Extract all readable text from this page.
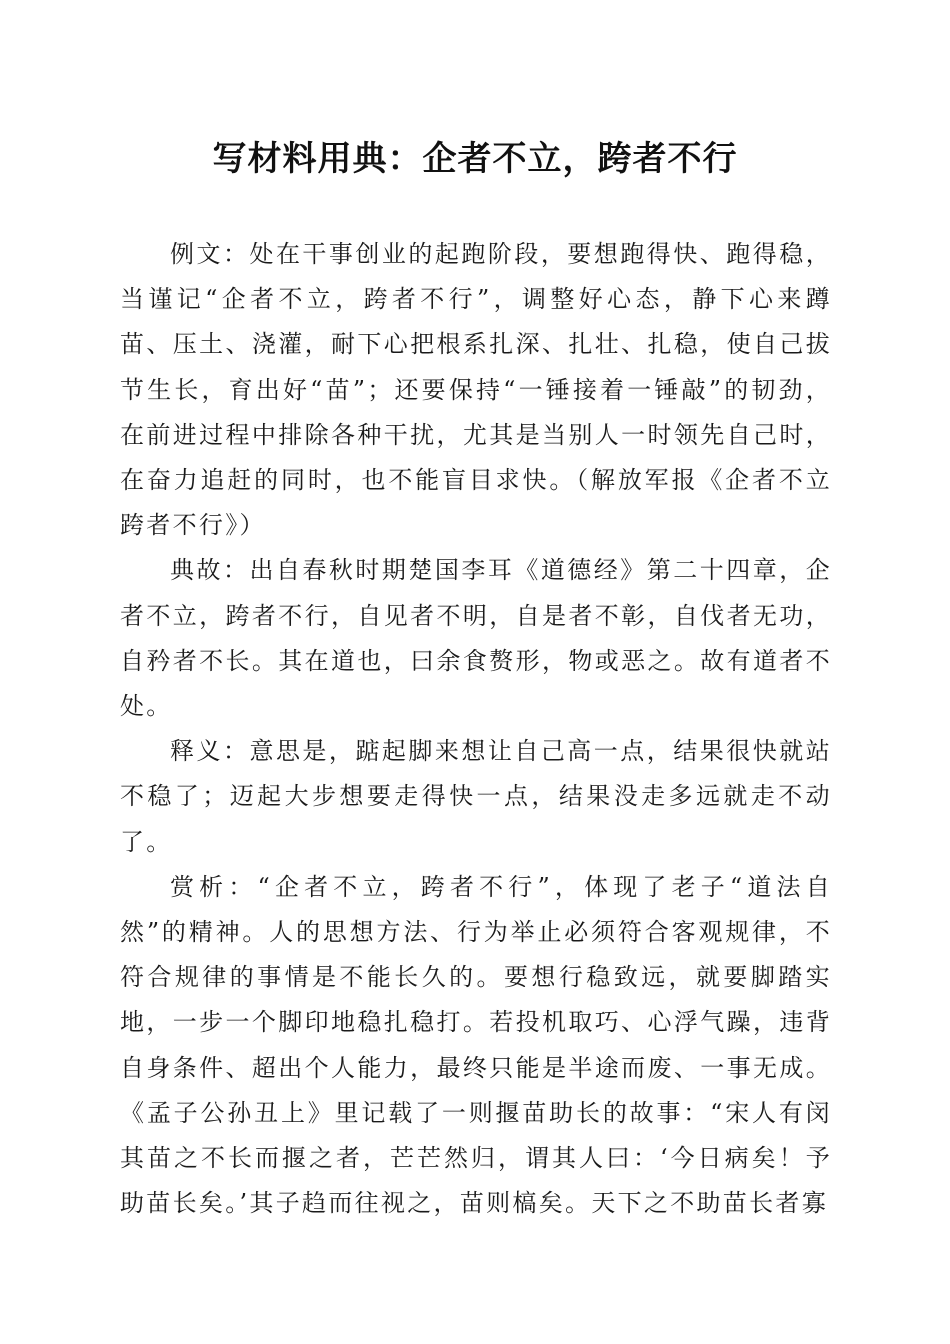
写材料用典：企者不立，跨者不行

例文：处在干事创业的起跑阶段，要想跑得快、跑得稳，当谨记“企者不立，跨者不行”，调整好心态，静下心来蹲苗、压土、浇灌，耐下心把根系扎深、扎壮、扎稳，使自己拔节生长，育出好“苗”；还要保持“一锤接着一锤敲”的韧劲，在前进过程中排除各种干扰，尤其是当别人一时领先自己时，在奋力追赶的同时，也不能盲目求快。（解放军报《企者不立跨者不行》）

典故：出自春秋时期楚国李耳《道德经》第二十四章，企者不立，跨者不行，自见者不明，自是者不彰，自伐者无功，自矜者不长。其在道也，曰余食赘形，物或恶之。故有道者不处。

释义：意思是，踮起脚来想让自己高一点，结果很快就站不稳了；迈起大步想要走得快一点，结果没走多远就走不动了。

赏析：“企者不立，跨者不行”，体现了老子“道法自然”的精神。人的思想方法、行为举止必须符合客观规律，不符合规律的事情是不能长久的。要想行稳致远，就要脚踏实地，一步一个脚印地稳扎稳打。若投机取巧、心浮气躁，违背自身条件、超出个人能力，最终只能是半途而废、一事无成。《孟子公孙丑上》里记载了一则揠苗助长的故事：“宋人有闵其苗之不长而揠之者，芒芒然归，谓其人曰：‘今日病矣！予助苗长矣。’其子趋而往视之，苗则槁矣。天下之不助苗长者寡
